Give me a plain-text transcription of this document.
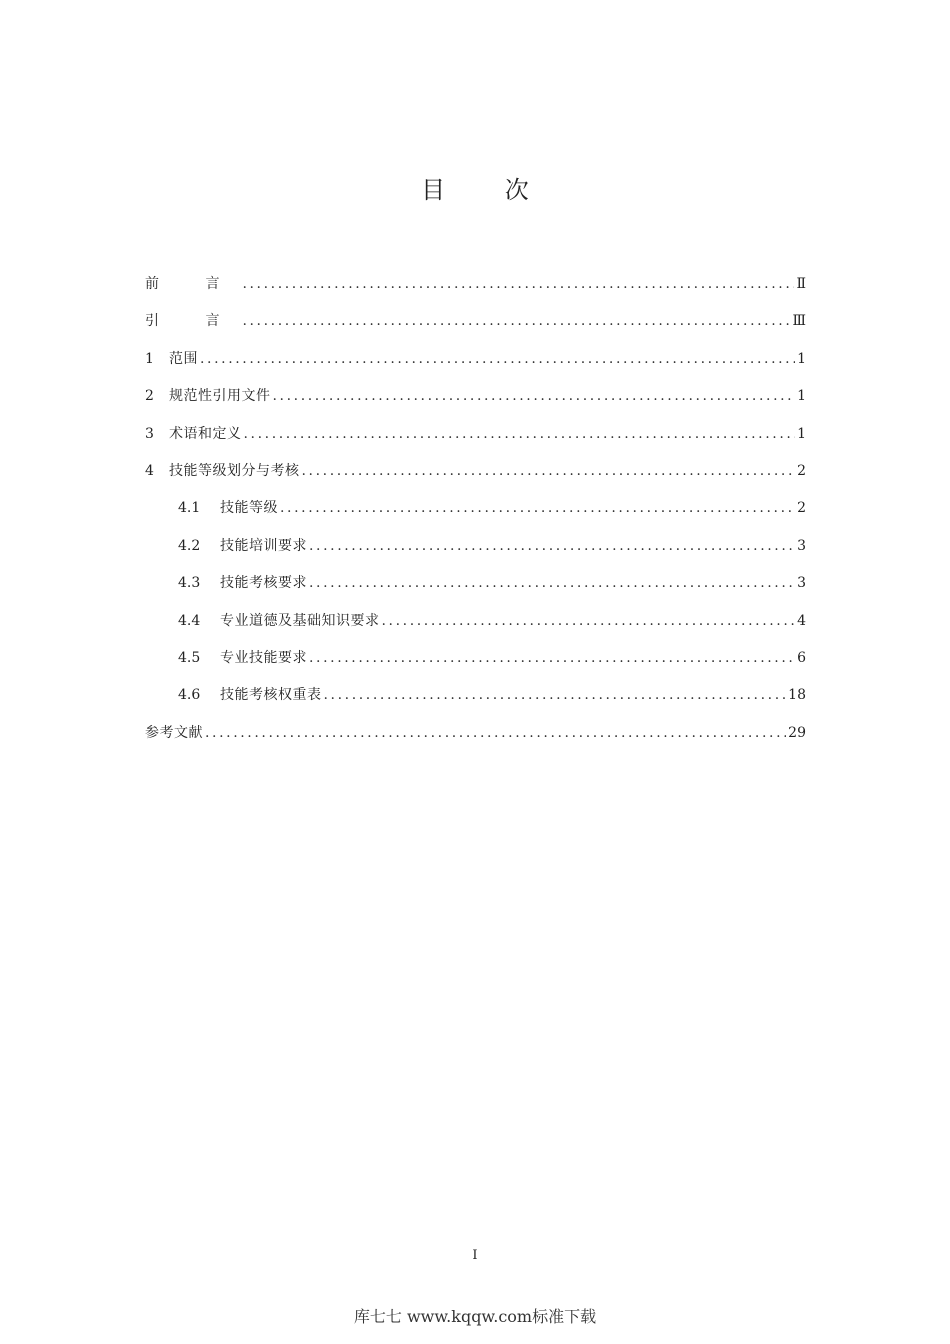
目 次
前 言 .....	Ⅱ
引 言 .....	Ⅲ
1	范围 .....	1
2	规范性引用文件 .....	1
3	术语和定义 .....	1
4	技能等级划分与考核 .....	2
4.1	技能等级 .....	2
4.2	技能培训要求 .....	3
4.3	技能考核要求 .....	3
4.4	专业道德及基础知识要求 .....	4
4.5	专业技能要求 .....	6
4.6	技能考核权重表 .....	18
参考文献 .....	29
I
库七七 www.kqqw.com标准下载
